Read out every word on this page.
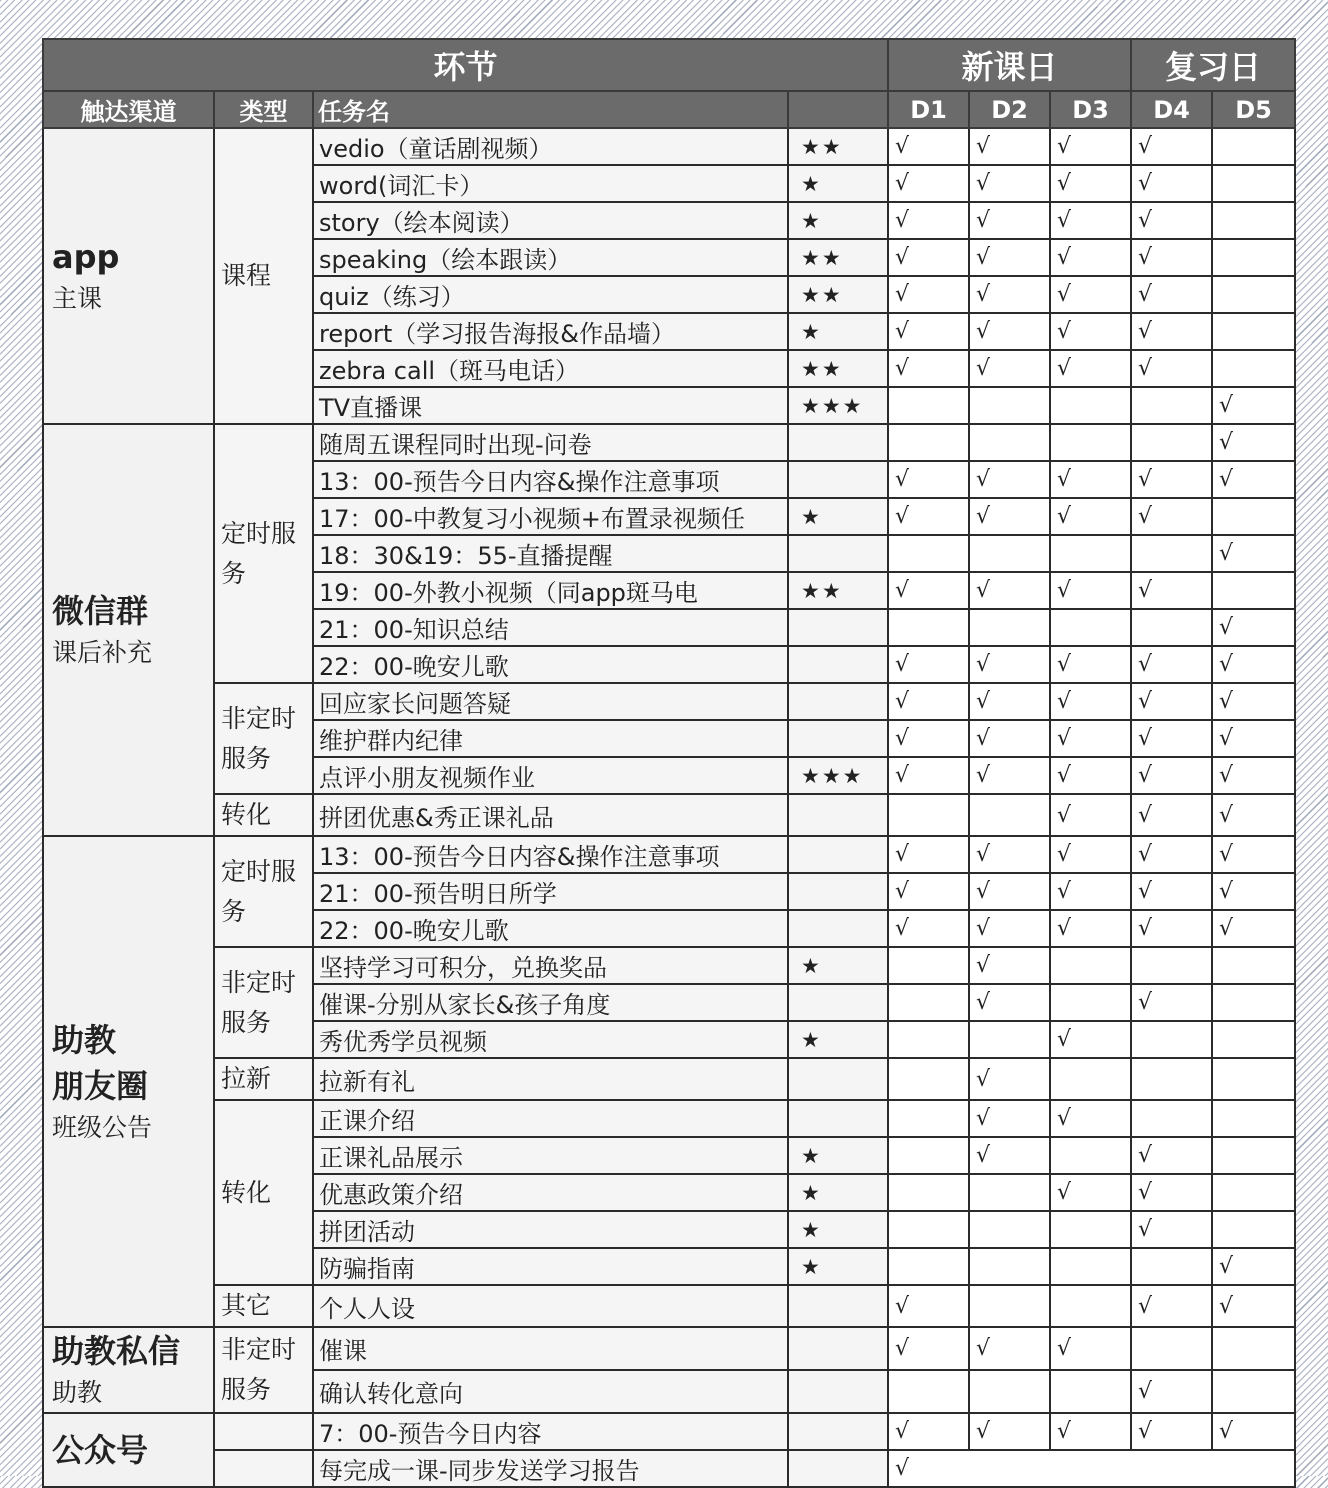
环节				新课日			复习日	
触达渠道	类型	任务名		D1	D2	D3	D4	D5

app
主课	课程	vedio（童话剧视频）	★★	√	√	√	√	
		word(词汇卡）	★	√	√	√	√	
		story（绘本阅读）	★	√	√	√	√	
		speaking（绘本跟读）	★★	√	√	√	√	
		quiz（练习）	★★	√	√	√	√	
		report（学习报告海报&作品墙）	★	√	√	√	√	
		zebra call（斑马电话）	★★	√	√	√	√	
		TV直播课	★★★					√

微信群
课后补充	定时服务	随周五课程同时出现-问卷						√
		13：00-预告今日内容&操作注意事项		√	√	√	√	√
		17：00-中教复习小视频+布置录视频任	★	√	√	√	√	
		18：30&19：55-直播提醒						√
		19：00-外教小视频（同app斑马电	★★	√	√	√	√	
		21：00-知识总结						√
		22：00-晚安儿歌		√	√	√	√	√
	非定时服务	回应家长问题答疑		√	√	√	√	√
		维护群内纪律		√	√	√	√	√
		点评小朋友视频作业	★★★	√	√	√	√	√
	转化	拼团优惠&秀正课礼品				√	√	√

助教
朋友圈
班级公告	定时服务	13：00-预告今日内容&操作注意事项		√	√	√	√	√
		21：00-预告明日所学		√	√	√	√	√
		22：00-晚安儿歌		√	√	√	√	√
	非定时服务	坚持学习可积分，兑换奖品	★		√			
		催课-分别从家长&孩子角度			√		√	
		秀优秀学员视频	★			√		
	拉新	拉新有礼			√			
	转化	正课介绍			√	√		
		正课礼品展示	★		√		√	
		优惠政策介绍	★			√	√	
		拼团活动	★				√	
		防骗指南	★					√
	其它	个人人设		√			√	√

助教私信
助教	非定时服务	催课		√	√	√		
		确认转化意向					√	

公众号		7：00-预告今日内容		√	√	√	√	√
		每完成一课-同步发送学习报告		√				
